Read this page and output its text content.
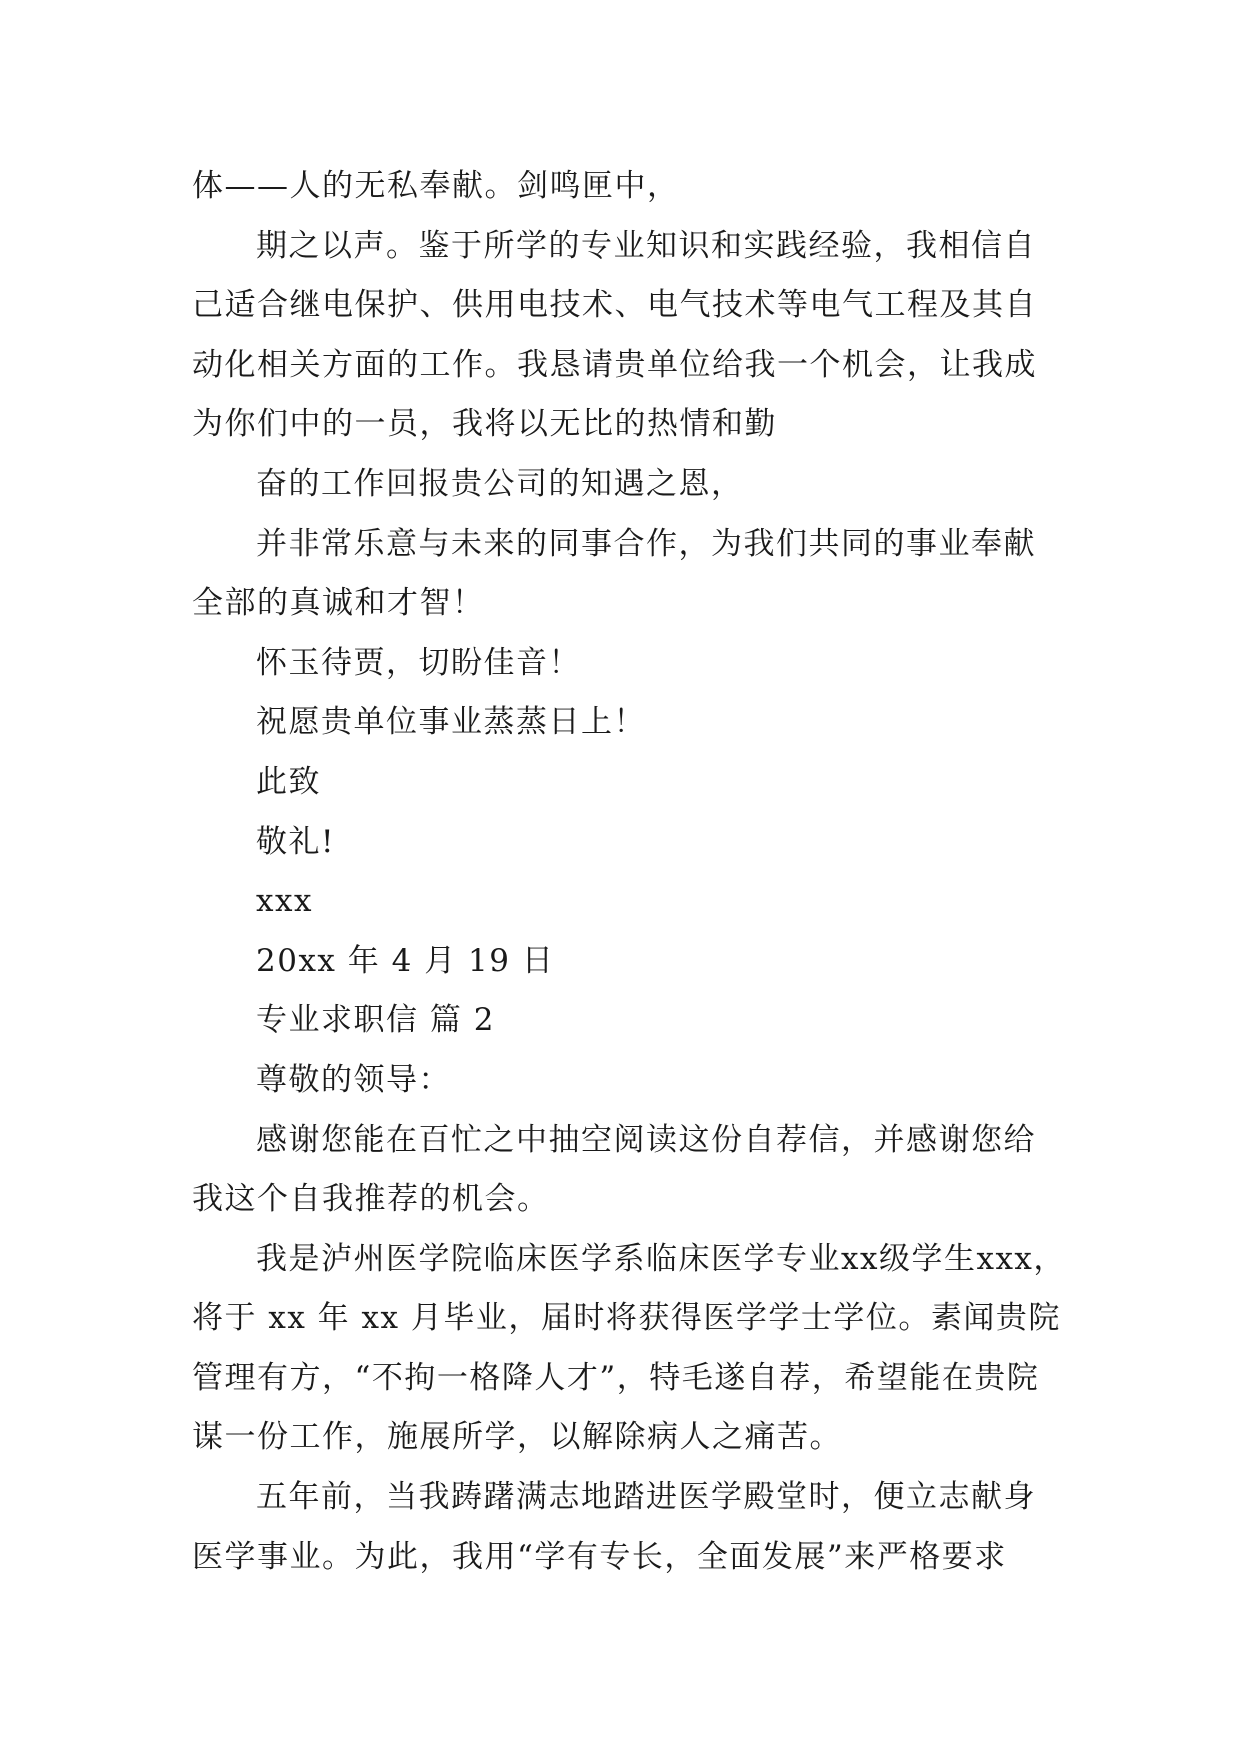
体——人的无私奉献。剑鸣匣中，

期之以声。鉴于所学的专业知识和实践经验，我相信自

己适合继电保护、供用电技术、电气技术等电气工程及其自

动化相关方面的工作。我恳请贵单位给我一个机会，让我成

为你们中的一员，我将以无比的热情和勤

奋的工作回报贵公司的知遇之恩，

并非常乐意与未来的同事合作，为我们共同的事业奉献

全部的真诚和才智！

怀玉待贾，切盼佳音！

祝愿贵单位事业蒸蒸日上！

此致

敬礼!

xxx

20xx 年 4 月 19 日

专业求职信 篇 2

尊敬的领导：

感谢您能在百忙之中抽空阅读这份自荐信，并感谢您给

我这个自我推荐的机会。

我是泸州医学院临床医学系临床医学专业xx级学生xxx，

将于 xx 年 xx 月毕业，届时将获得医学学士学位。素闻贵院

管理有方，“不拘一格降人才”，特毛遂自荐，希望能在贵院

谋一份工作，施展所学，以解除病人之痛苦。

五年前，当我踌躇满志地踏进医学殿堂时，便立志献身

医学事业。为此，我用“学有专长，全面发展”来严格要求
